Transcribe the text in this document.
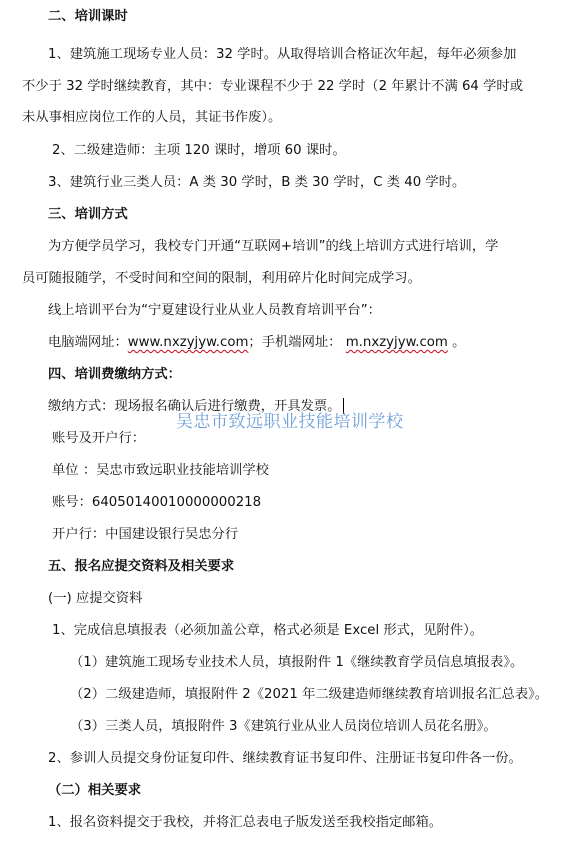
二、培训课时
1、建筑施工现场专业人员：32 学时。从取得培训合格证次年起，每年必须参加
不少于 32 学时继续教育，其中：专业课程不少于 22 学时（2 年累计不满 64 学时或
未从事相应岗位工作的人员，其证书作废）。
2、二级建造师：主项 120 课时，增项 60 课时。
3、建筑行业三类人员：A 类 30 学时，B 类 30 学时，C 类 40 学时。
三、培训方式
为方便学员学习，我校专门开通“互联网+培训”的线上培训方式进行培训，学
员可随报随学，不受时间和空间的限制，利用碎片化时间完成学习。
线上培训平台为“宁夏建设行业从业人员教育培训平台”：
电脑端网址：www.nxzyjyw.com；手机端网址： m.nxzyjyw.com 。
四、培训费缴纳方式：
缴纳方式：现场报名确认后进行缴费，开具发票。
吴忠市致远职业技能培训学校
账号及开户行：
单位 ：吴忠市致远职业技能培训学校
账号：64050140010000000218
开户行：中国建设银行吴忠分行
五、报名应提交资料及相关要求
(一) 应提交资料
1、完成信息填报表（必须加盖公章，格式必须是 Excel 形式，见附件）。
（1）建筑施工现场专业技术人员，填报附件 1《继续教育学员信息填报表》。
（2）二级建造师，填报附件 2《2021 年二级建造师继续教育培训报名汇总表》。
（3）三类人员，填报附件 3《建筑行业从业人员岗位培训人员花名册》。
2、参训人员提交身份证复印件、继续教育证书复印件、注册证书复印件各一份。
（二）相关要求
1、报名资料提交于我校，并将汇总表电子版发送至我校指定邮箱。
